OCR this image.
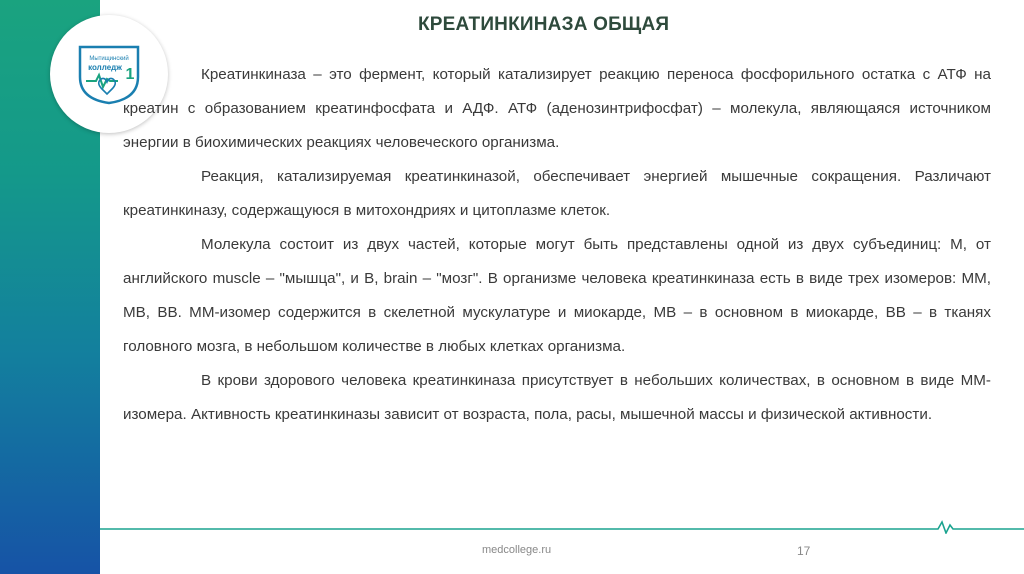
Мытищинский
колледж 1
КРЕАТИНКИНАЗА ОБЩАЯ

Креатинкиназа – это фермент, который катализирует реакцию переноса фосфорильного остатка с АТФ на креатин с образованием креатинфосфата и АДФ. АТФ (аденозинтрифосфат) – молекула, являющаяся источником энергии в биохимических реакциях человеческого организма.

Реакция, катализируемая креатинкиназой, обеспечивает энергией мышечные сокращения. Различают креатинкиназу, содержащуюся в митохондриях и цитоплазме клеток.

Молекула состоит из двух частей, которые могут быть представлены одной из двух субъединиц: M, от английского muscle – "мышца", и B, brain – "мозг". В организме человека креатинкиназа есть в виде трех изомеров: ММ, МВ, ВВ. ММ-изомер содержится в скелетной мускулатуре и миокарде, МВ – в основном в миокарде, ВВ – в тканях головного мозга, в небольшом количестве в любых клетках организма.

В крови здорового человека креатинкиназа присутствует в небольших количествах, в основном в виде ММ-изомера. Активность креатинкиназы зависит от возраста, пола, расы, мышечной массы и физической активности.

medcollege.ru	17
